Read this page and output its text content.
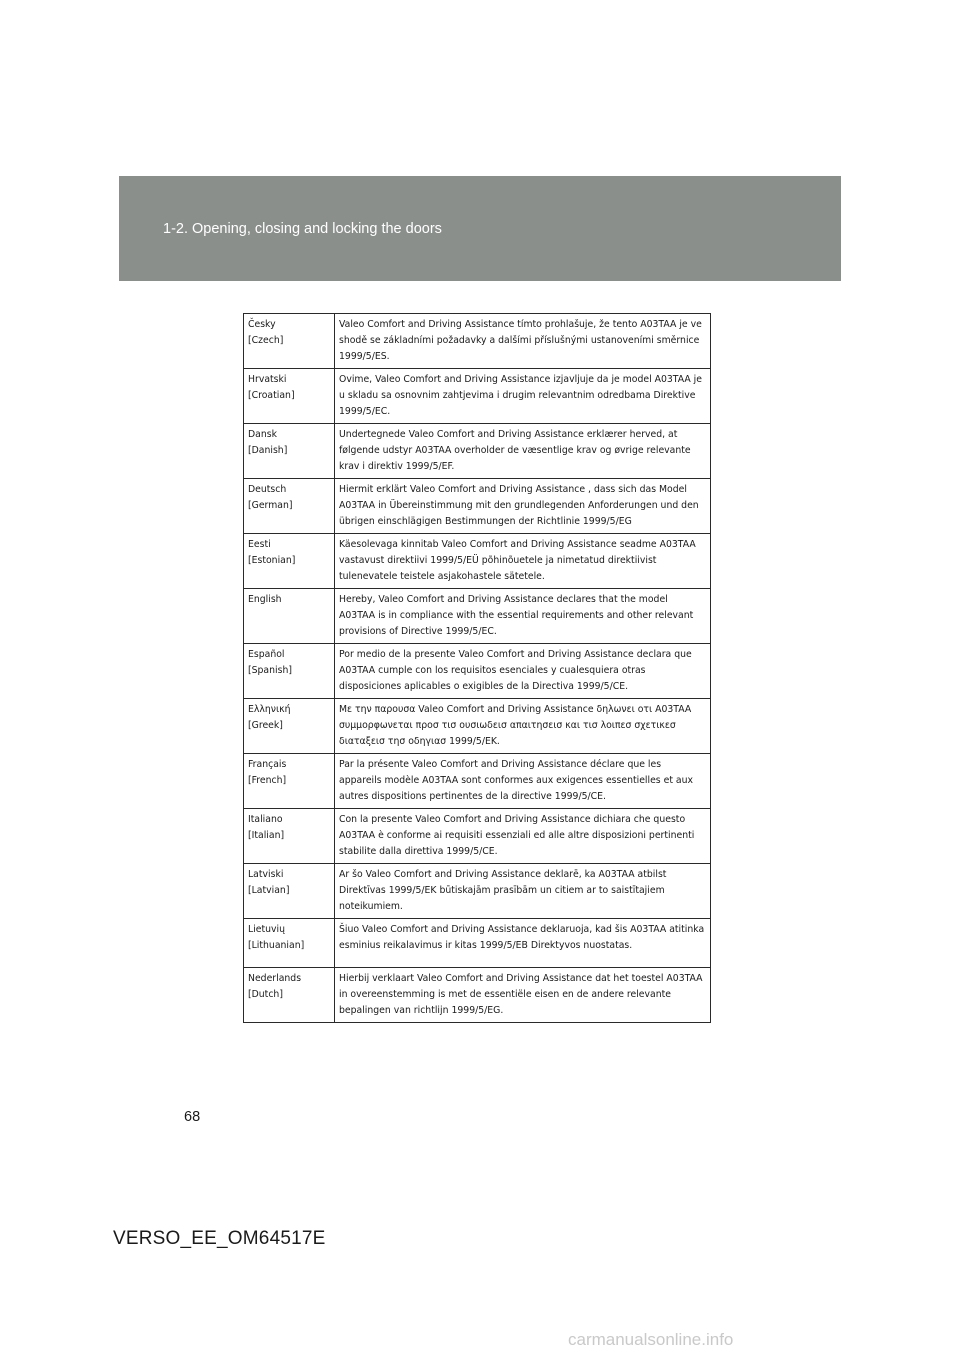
1-2. Opening, closing and locking the doors
Česky
[Czech]	Valeo Comfort and Driving Assistance tímto prohlašuje, že tento A03TAA je ve shodě se základními požadavky a dalšími příslušnými ustanoveními směrnice 1999/5/ES.

Hrvatski
[Croatian]	Ovime, Valeo Comfort and Driving Assistance izjavljuje da je model A03TAA je u skladu sa osnovnim zahtjevima i drugim relevantnim odredbama Direktive 1999/5/EC.

Dansk
[Danish]	Undertegnede Valeo Comfort and Driving Assistance erklærer herved, at følgende udstyr A03TAA overholder de væsentlige krav og øvrige relevante krav i direktiv 1999/5/EF.

Deutsch
[German]	Hiermit erklärt Valeo Comfort and Driving Assistance , dass sich das Model A03TAA in Übereinstimmung mit den grundlegenden Anforderungen und den übrigen einschlägigen Bestimmungen der Richtlinie 1999/5/EG

Eesti
[Estonian]	Käesolevaga kinnitab Valeo Comfort and Driving Assistance seadme A03TAA vastavust direktiivi 1999/5/EÜ põhinõuetele ja nimetatud direktiivist tulenevatele teistele asjakohastele sätetele.

English	Hereby, Valeo Comfort and Driving Assistance declares that the model A03TAA is in compliance with the essential requirements and other relevant provisions of Directive 1999/5/EC.

Español
[Spanish]	Por medio de la presente Valeo Comfort and Driving Assistance declara que A03TAA cumple con los requisitos esenciales y cualesquiera otras disposiciones aplicables o exigibles de la Directiva 1999/5/CE.

Ελληνική
[Greek]	Με την παρουσα Valeo Comfort and Driving Assistance δηλωνει οτι A03TAA συμμορφωνεται προσ τισ ουσιωδεισ απαιτησεισ και τισ λοιπεσ σχετικεσ διαταξεισ τησ οδηγιασ 1999/5/ΕΚ.

Français
[French]	Par la présente Valeo Comfort and Driving Assistance déclare que les appareils modèle A03TAA sont conformes aux exigences essentielles et aux autres dispositions pertinentes de la directive 1999/5/CE.

Italiano
[Italian]	Con la presente Valeo Comfort and Driving Assistance dichiara che questo A03TAA è conforme ai requisiti essenziali ed alle altre disposizioni pertinenti stabilite dalla direttiva 1999/5/CE.

Latviski
[Latvian]	Ar šo Valeo Comfort and Driving Assistance deklarē, ka A03TAA atbilst Direktīvas 1999/5/EK būtiskajām prasībām un citiem ar to saistītajiem noteikumiem.

Lietuvių
[Lithuanian]	Šiuo Valeo Comfort and Driving Assistance deklaruoja, kad šis A03TAA atitinka esminius reikalavimus ir kitas 1999/5/EB Direktyvos nuostatas.

Nederlands
[Dutch]	Hierbij verklaart Valeo Comfort and Driving Assistance dat het toestel A03TAA in overeenstemming is met de essentiële eisen en de andere relevante bepalingen van richtlijn 1999/5/EG.
68
VERSO_EE_OM64517E
carmanualsonline.info
